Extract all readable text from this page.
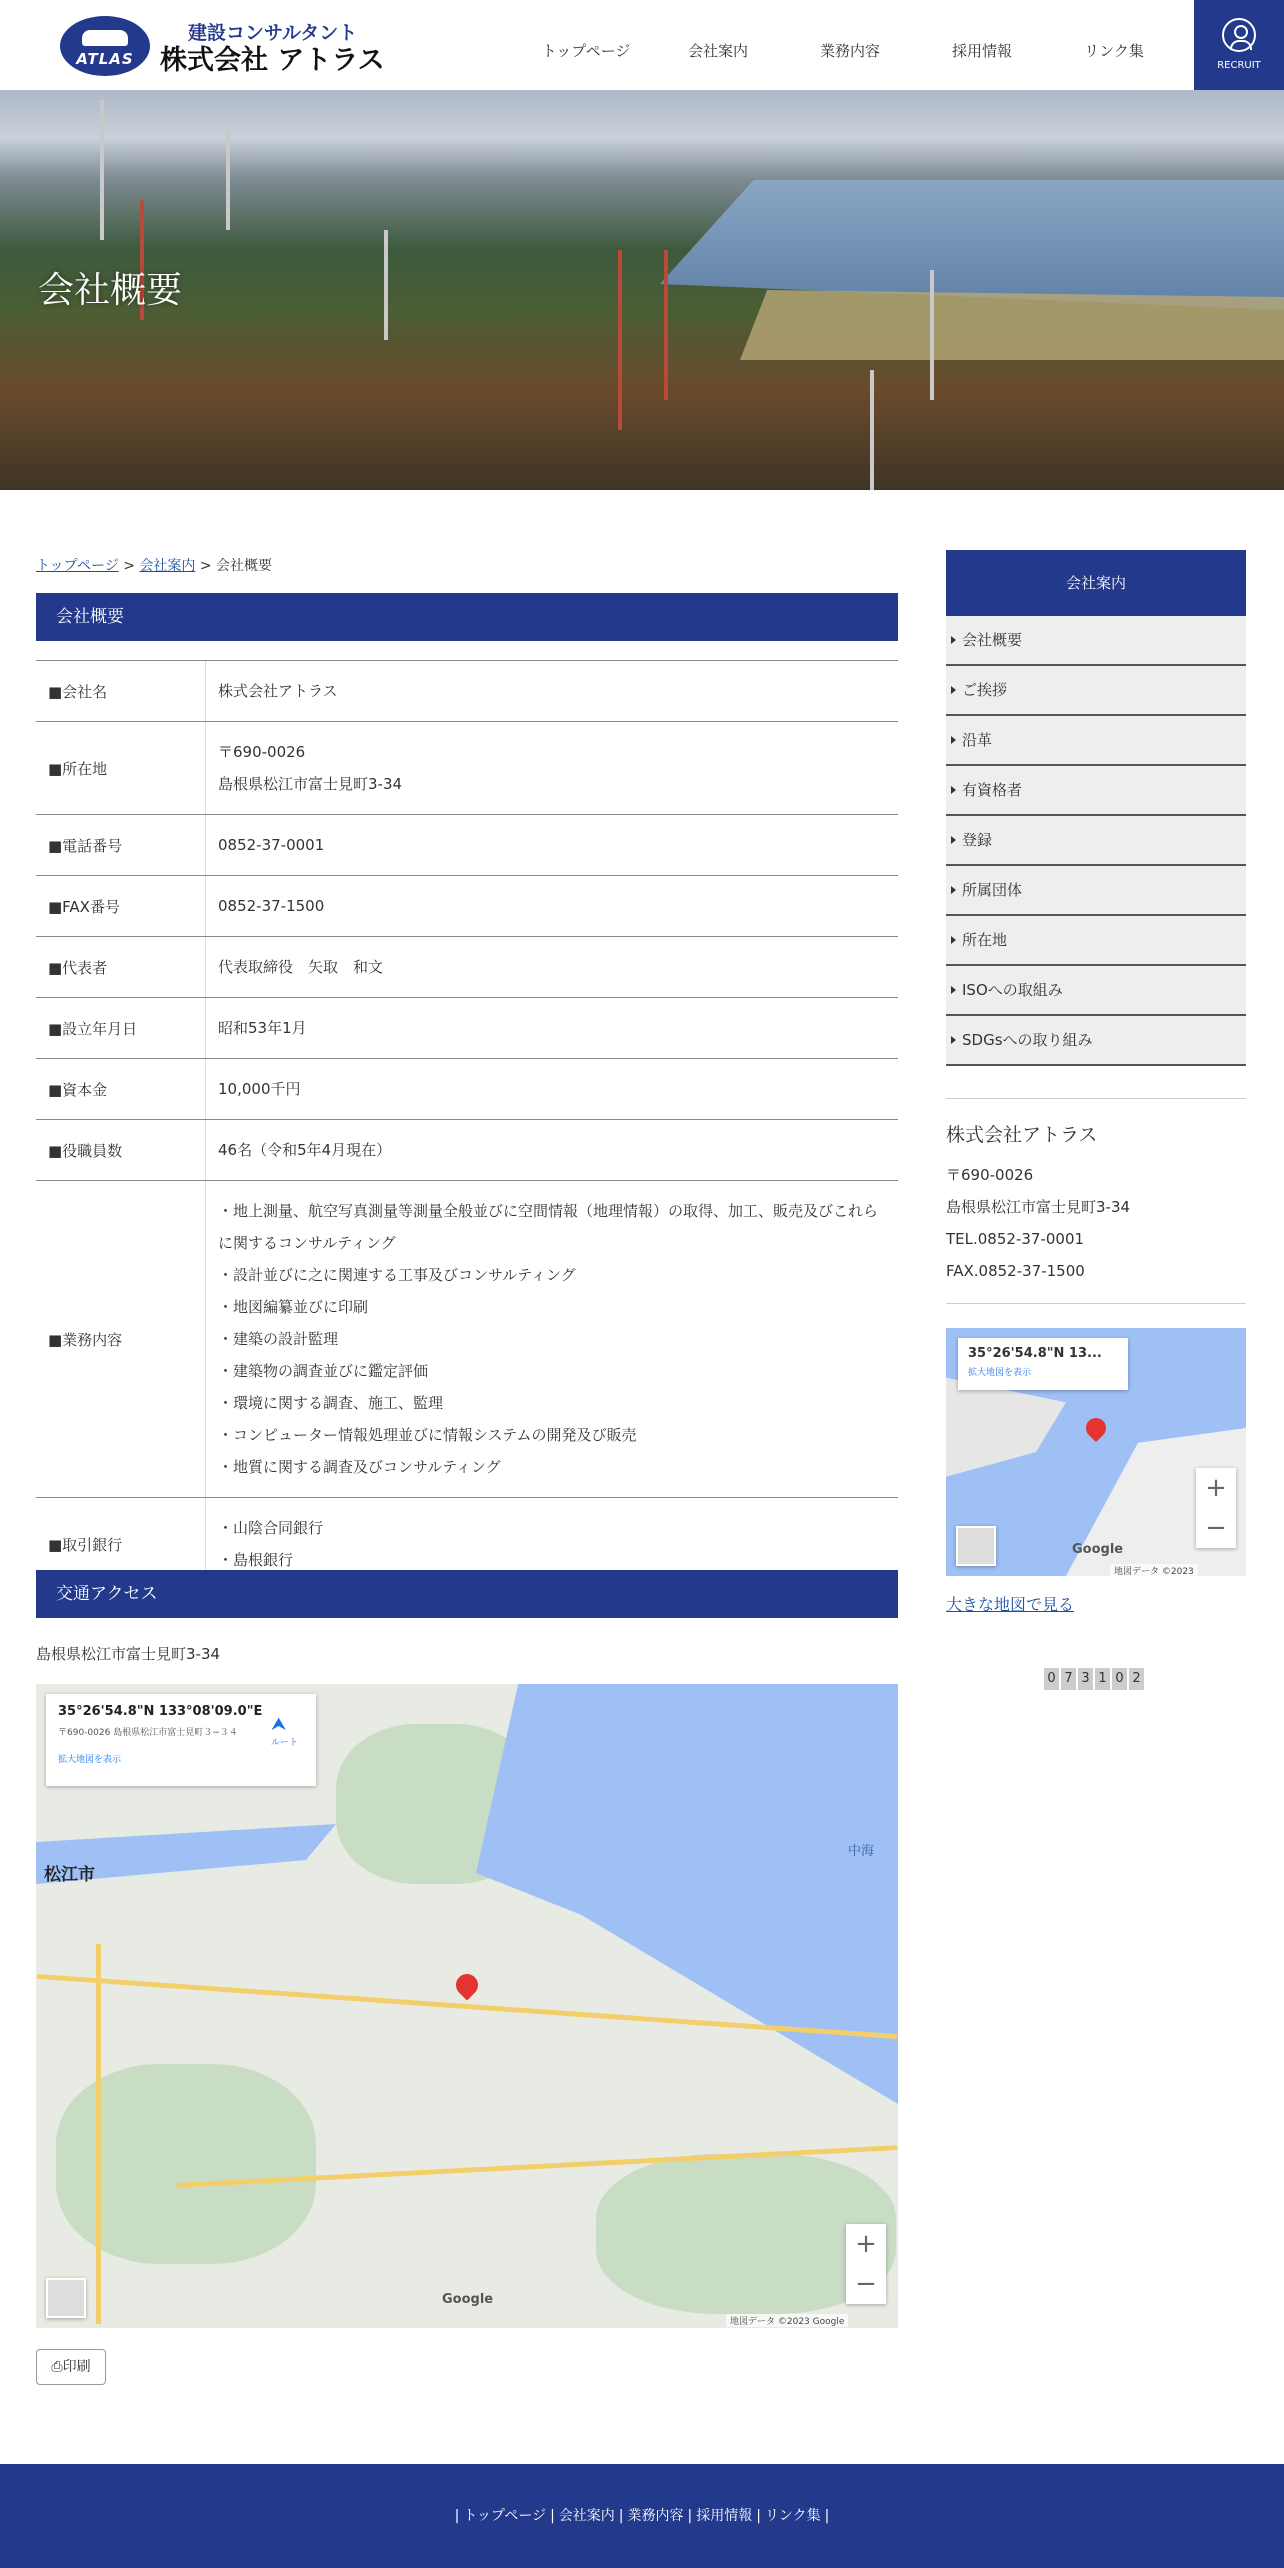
ATLAS
建設コンサルタント
株式会社 アトラス	トップページ	会社案内	業務内容	採用情報	リンク集
RECRUIT
会社概要
トップページ > 会社案内 > 会社概要
会社概要
■会社名	株式会社アトラス
■所在地
〒690-0026
島根県松江市富士見町3-34
■電話番号	0852-37-0001
■FAX番号	0852-37-1500
■代表者	代表取締役　矢取　和文
■設立年月日	昭和53年1月
■資本金	10,000千円
■役職員数	46名（令和5年4月現在）
■業務内容
・地上測量、航空写真測量等測量全般並びに空間情報（地理情報）の取得、加工、販売及びこれらに関するコンサルティング
・設計並びに之に関連する工事及びコンサルティング
・地図編纂並びに印刷
・建築の設計監理
・建築物の調査並びに鑑定評価
・環境に関する調査、施工、監理
・コンピューター情報処理並びに情報システムの開発及び販売
・地質に関する調査及びコンサルティング
■取引銀行
・山陰合同銀行
・島根銀行
交通アクセス
島根県松江市富士見町3-34
松江市
中海
35°26'54.8"N 133°08'09.0"E
〒690-0026 島根県松江市富士見町３−３４
拡大地図を表示
⮝
ルート
+
−
Google
地図データ ©2023 Google
⎙印刷
会社案内
会社概要
ご挨拶
沿革
有資格者
登録
所属団体
所在地
ISOへの取組み
SDGsへの取り組み
株式会社アトラス
〒690-0026
島根県松江市富士見町3-34
TEL.0852-37-0001
FAX.0852-37-1500
35°26'54.8"N 13...
拡大地図を表示
+
−
Google
地図データ ©2023
大きな地図で見る
0 7 3 1 0 2
| トップページ | 会社案内 | 業務内容 | 採用情報 | リンク集 |
